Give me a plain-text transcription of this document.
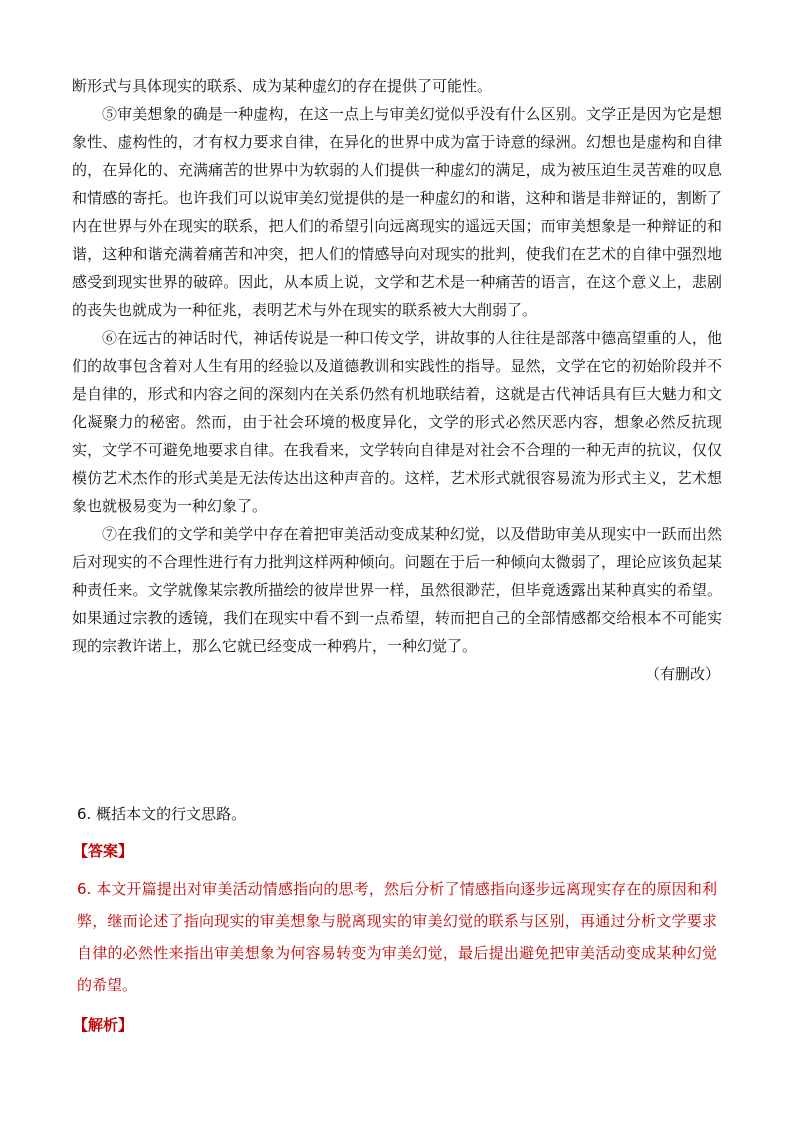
断形式与具体现实的联系、成为某种虚幻的存在提供了可能性。

⑤审美想象的确是一种虚构，在这一点上与审美幻觉似乎没有什么区别。文学正是因为它是想象性、虚构性的，才有权力要求自律，在异化的世界中成为富于诗意的绿洲。幻想也是虚构和自律的，在异化的、充满痛苦的世界中为软弱的人们提供一种虚幻的满足，成为被压迫生灵苦难的叹息和情感的寄托。也许我们可以说审美幻觉提供的是一种虚幻的和谐，这种和谐是非辩证的，割断了内在世界与外在现实的联系，把人们的希望引向远离现实的遥远天国；而审美想象是一种辩证的和谐，这种和谐充满着痛苦和冲突，把人们的情感导向对现实的批判，使我们在艺术的自律中强烈地感受到现实世界的破碎。因此，从本质上说，文学和艺术是一种痛苦的语言，在这个意义上，悲剧的丧失也就成为一种征兆，表明艺术与外在现实的联系被大大削弱了。

⑥在远古的神话时代，神话传说是一种口传文学，讲故事的人往往是部落中德高望重的人，他们的故事包含着对人生有用的经验以及道德教训和实践性的指导。显然，文学在它的初始阶段并不是自律的，形式和内容之间的深刻内在关系仍然有机地联结着，这就是古代神话具有巨大魅力和文化凝聚力的秘密。然而，由于社会环境的极度异化，文学的形式必然厌恶内容，想象必然反抗现实，文学不可避免地要求自律。在我看来，文学转向自律是对社会不合理的一种无声的抗议，仅仅模仿艺术杰作的形式美是无法传达出这种声音的。这样，艺术形式就很容易流为形式主义，艺术想象也就极易变为一种幻象了。

⑦在我们的文学和美学中存在着把审美活动变成某种幻觉，以及借助审美从现实中一跃而出然后对现实的不合理性进行有力批判这样两种倾向。问题在于后一种倾向太微弱了，理论应该负起某种责任来。文学就像某宗教所描绘的彼岸世界一样，虽然很渺茫，但毕竟透露出某种真实的希望。如果通过宗教的透镜，我们在现实中看不到一点希望，转而把自己的全部情感都交给根本不可能实现的宗教许诺上，那么它就已经变成一种鸦片，一种幻觉了。

（有删改）

6. 概括本文的行文思路。
【答案】
6. 本文开篇提出对审美活动情感指向的思考，然后分析了情感指向逐步远离现实存在的原因和利弊，继而论述了指向现实的审美想象与脱离现实的审美幻觉的联系与区别，再通过分析文学要求自律的必然性来指出审美想象为何容易转变为审美幻觉，最后提出避免把审美活动变成某种幻觉的希望。
【解析】
